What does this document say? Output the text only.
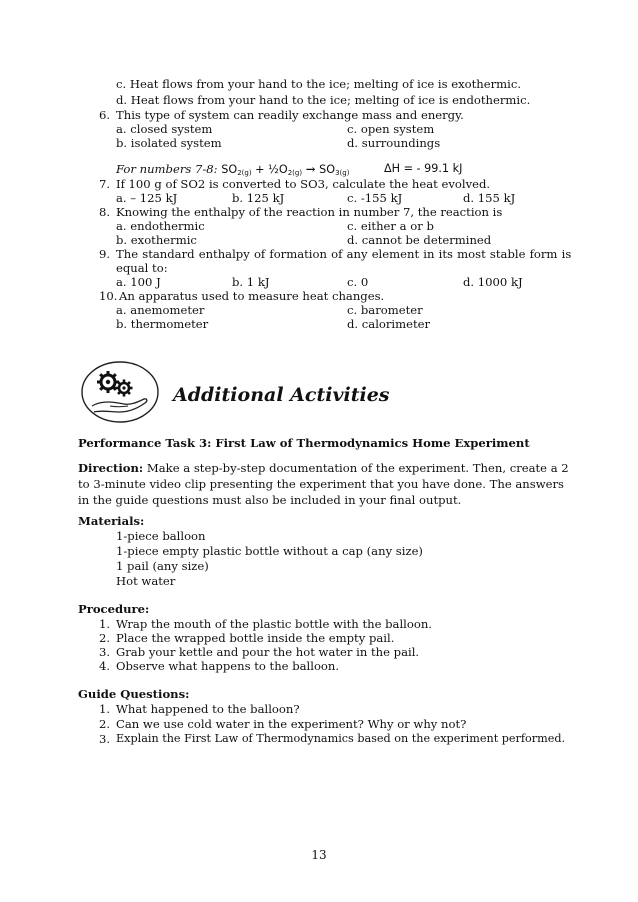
c. Heat flows from your hand to the ice; melting of ice is exothermic.
d. Heat flows from your hand to the ice; melting of ice is endothermic.
6. This type of system can readily exchange mass and energy.
a. closed system	c. open system
b. isolated system	d. surroundings
For numbers 7-8: $SO_{2(g)}$ + $\frac{1}{2}O_{2(g)} \to SO_{3(g)}$	ΔH = - 99.1 kJ
7. If 100 g of SO2 is converted to SO3, calculate the heat evolved.
a. – 125 kJ	b. 125 kJ	c. -155 kJ	d. 155 kJ
8. Knowing the enthalpy of the reaction in number 7, the reaction is
a. endothermic	c. either a or b
b. exothermic	d. cannot be determined
9. The standard enthalpy of formation of any element in its most stable form is
equal to:
a. 100 J	b. 1 kJ	c. 0	d. 1000 kJ
10. An apparatus used to measure heat changes.
a. anemometer	c. barometer
b. thermometer	d. calorimeter
Additional Activities
Performance Task 3: First Law of Thermodynamics Home Experiment
Direction: Make a step-by-step documentation of the experiment. Then, create a 2
to 3-minute video clip presenting the experiment that you have done. The answers
in the guide questions must also be included in your final output.
Materials:
1-piece balloon
1-piece empty plastic bottle without a cap (any size)
1 pail (any size)
Hot water
Procedure:
1. Wrap the mouth of the plastic bottle with the balloon.
2. Place the wrapped bottle inside the empty pail.
3. Grab your kettle and pour the hot water in the pail.
4. Observe what happens to the balloon.
Guide Questions:
1. What happened to the balloon?
2. Can we use cold water in the experiment? Why or why not?
3. Explain the First Law of Thermodynamics based on the experiment performed.
13
